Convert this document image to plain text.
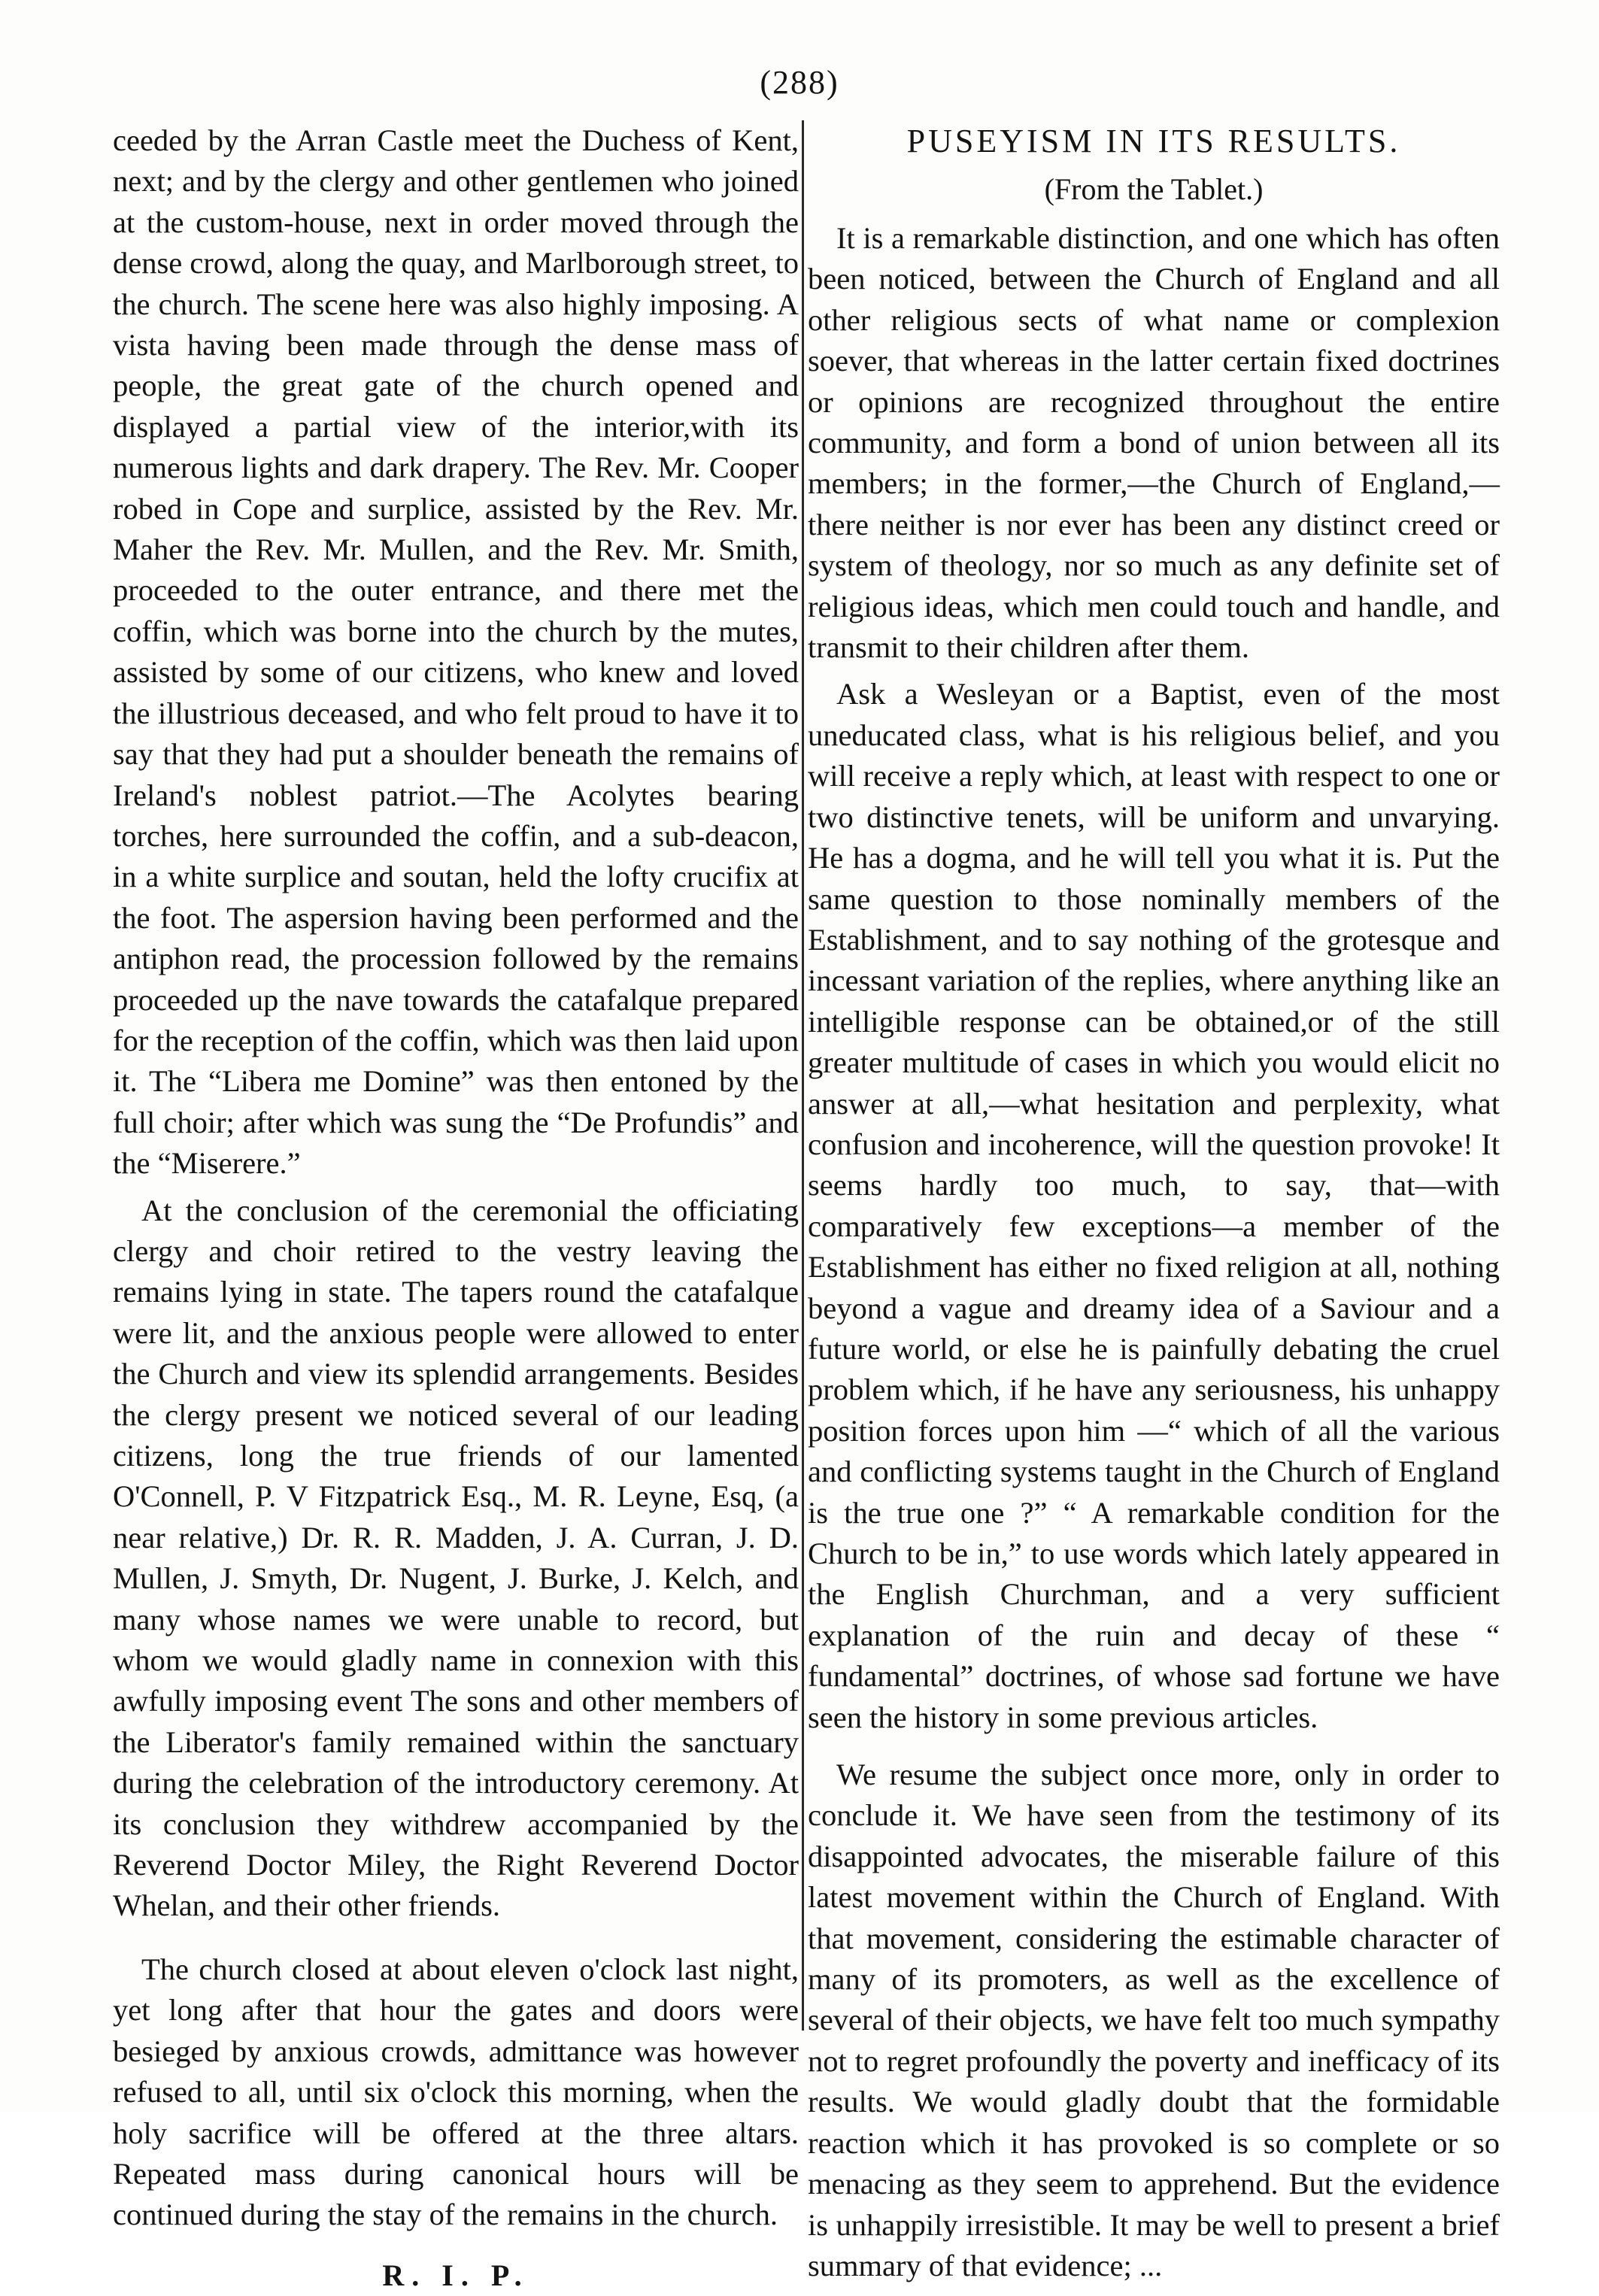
(288)

ceeded by the Arran Castle meet the Duchess of Kent, next; and by the clergy and other gentlemen who joined at the custom-house, next in order moved through the dense crowd, along the quay, and Marlborough street, to the church. The scene here was also highly imposing. A vista having been made through the dense mass of people, the great gate of the church opened and displayed a partial view of the interior,with its numerous lights and dark drapery. The Rev. Mr. Cooper robed in Cope and surplice, assisted by the Rev. Mr. Maher the Rev. Mr. Mullen, and the Rev. Mr. Smith, proceeded to the outer entrance, and there met the coffin, which was borne into the church by the mutes, assisted by some of our citizens, who knew and loved the illustrious deceased, and who felt proud to have it to say that they had put a shoulder beneath the remains of Ireland's noblest patriot.—The Acolytes bearing torches, here surrounded the coffin, and a sub-deacon, in a white surplice and soutan, held the lofty crucifix at the foot. The aspersion having been performed and the antiphon read, the procession followed by the remains proceeded up the nave towards the catafalque prepared for the reception of the coffin, which was then laid upon it. The “Libera me Domine” was then entoned by the full choir; after which was sung the “De Profundis” and the “Miserere.”

At the conclusion of the ceremonial the officiating clergy and choir retired to the vestry leaving the remains lying in state. The tapers round the catafalque were lit, and the anxious people were allowed to enter the Church and view its splendid arrangements. Besides the clergy present we noticed several of our leading citizens, long the true friends of our lamented O'Connell, P. V Fitzpatrick Esq., M. R. Leyne, Esq, (a near relative,) Dr. R. R. Madden, J. A. Curran, J. D. Mullen, J. Smyth, Dr. Nugent, J. Burke, J. Kelch, and many whose names we were unable to record, but whom we would gladly name in connexion with this awfully imposing event The sons and other members of the Liberator's family remained within the sanctuary during the celebration of the introductory ceremony. At its conclusion they withdrew accompanied by the Reverend Doctor Miley, the Right Reverend Doctor Whelan, and their other friends.

The church closed at about eleven o'clock last night, yet long after that hour the gates and doors were besieged by anxious crowds, admittance was however refused to all, until six o'clock this morning, when the holy sacrifice will be offered at the three altars. Repeated mass during canonical hours will be continued during the stay of the remains in the church.

R. I. P.
PUSEYISM IN ITS RESULTS.
(From the Tablet.)

It is a remarkable distinction, and one which has often been noticed, between the Church of England and all other religious sects of what name or complexion soever, that whereas in the latter certain fixed doctrines or opinions are recognized throughout the entire community, and form a bond of union between all its members; in the former,—the Church of England,—there neither is nor ever has been any distinct creed or system of theology, nor so much as any definite set of religious ideas, which men could touch and handle, and transmit to their children after them.

Ask a Wesleyan or a Baptist, even of the most uneducated class, what is his religious belief, and you will receive a reply which, at least with respect to one or two distinctive tenets, will be uniform and unvarying. He has a dogma, and he will tell you what it is. Put the same question to those nominally members of the Establishment, and to say nothing of the grotesque and incessant variation of the replies, where anything like an intelligible response can be obtained,or of the still greater multitude of cases in which you would elicit no answer at all,—what hesitation and perplexity, what confusion and incoherence, will the question provoke! It seems hardly too much, to say, that—with comparatively few exceptions—a member of the Establishment has either no fixed religion at all, nothing beyond a vague and dreamy idea of a Saviour and a future world, or else he is painfully debating the cruel problem which, if he have any seriousness, his unhappy position forces upon him —“ which of all the various and conflicting systems taught in the Church of England is the true one ?” “ A remarkable condition for the Church to be in,” to use words which lately appeared in the English Churchman, and a very sufficient explanation of the ruin and decay of these “ fundamental” doctrines, of whose sad fortune we have seen the history in some previous articles.

We resume the subject once more, only in order to conclude it. We have seen from the testimony of its disappointed advocates, the miserable failure of this latest movement within the Church of England. With that movement, considering the estimable character of many of its promoters, as well as the excellence of several of their objects, we have felt too much sympathy not to regret profoundly the poverty and inefficacy of its results. We would gladly doubt that the formidable reaction which it has provoked is so complete or so menacing as they seem to apprehend. But the evidence is unhappily irresistible. It may be well to present a brief summary of that evidence; ...
